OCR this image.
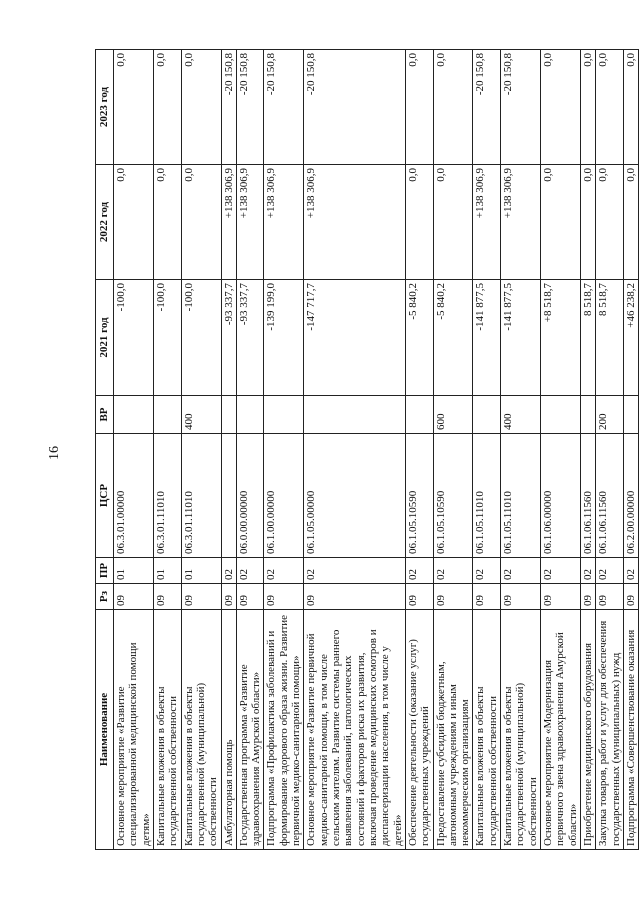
16
Наименование	Рз	ПР	ЦСР	ВР	2021 год	2022 год	2023 год
Основное мероприятие «Развитие специализированной медицинской помощи детям»	09	01	06.3.01.00000		-100,0	0,0	0,0
Капитальные вложения в объекты государственной собственности	09	01	06.3.01.11010		-100,0	0,0	0,0
Капитальные вложения в объекты государственной (муниципальной) собственности	09	01	06.3.01.11010	400	-100,0	0,0	0,0
Амбулаторная помощь	09	02			-93 337,7	+138 306,9	-20 150,8
Государственная программа «Развитие здравоохранения Амурской области»	09	02	06.0.00.00000		-93 337,7	+138 306,9	-20 150,8
Подпрограмма «Профилактика заболеваний и формирование здорового образа жизни. Развитие первичной медико-санитарной помощи»	09	02	06.1.00.00000		-139 199,0	+138 306,9	-20 150,8
Основное мероприятие «Развитие первичной медико-санитарной помощи, в том числе сельским жителям. Развитие системы раннего выявления заболеваний, патологических состояний и факторов риска их развития, включая проведение медицинских осмотров и диспансеризации населения, в том числе у детей»	09	02	06.1.05.00000		-147 717,7	+138 306,9	-20 150,8
Обеспечение деятельности (оказание услуг) государственных учреждений	09	02	06.1.05.10590		-5 840,2	0,0	0,0
Предоставление субсидий бюджетным, автономным учреждениям и иным некоммерческим организациям	09	02	06.1.05.10590	600	-5 840,2	0,0	0,0
Капитальные вложения в объекты государственной собственности	09	02	06.1.05.11010		-141 877,5	+138 306,9	-20 150,8
Капитальные вложения в объекты государственной (муниципальной) собственности	09	02	06.1.05.11010	400	-141 877,5	+138 306,9	-20 150,8
Основное мероприятие «Модернизация первичного звена здравоохранения Амурской области»	09	02	06.1.06.00000		+8 518,7	0,0	0,0
Приобретение медицинского оборудования	09	02	06.1.06.11560		8 518,7	0,0	0,0
Закупка товаров, работ и услуг для обеспечения государственных (муниципальных) нужд	09	02	06.1.06.11560	200	8 518,7	0,0	0,0
Подпрограмма «Совершенствование оказания	09	02	06.2.00.00000		+46 238,2	0,0	0,0
